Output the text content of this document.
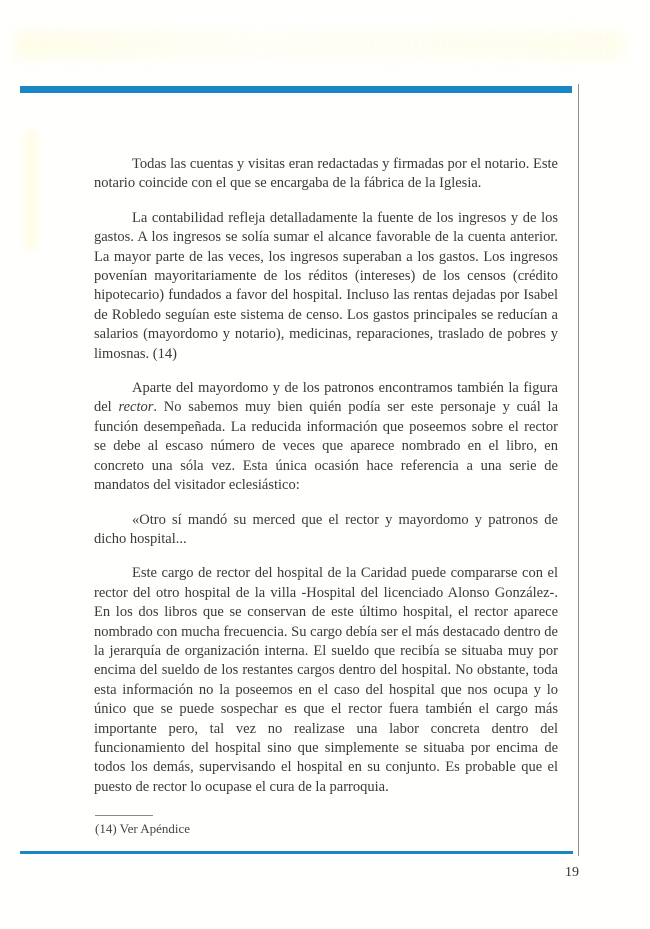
Todas las cuentas y visitas eran redactadas y firmadas por el notario. Este notario coincide con el que se encargaba de la fábrica de la Iglesia.

La contabilidad refleja detalladamente la fuente de los ingresos y de los gastos. A los ingresos se solía sumar el alcance favorable de la cuenta anterior. La mayor parte de las veces, los ingresos superaban a los gastos. Los ingresos povenían mayoritariamente de los réditos (intereses) de los censos (crédito hipotecario) fundados a favor del hospital. Incluso las rentas dejadas por Isabel de Robledo seguían este sistema de censo. Los gastos principales se reducían a salarios (mayordomo y notario), medicinas, reparaciones, traslado de pobres y limosnas. (14)

Aparte del mayordomo y de los patronos encontramos también la figura del rector. No sabemos muy bien quién podía ser este personaje y cuál la función desempeñada. La reducida información que poseemos sobre el rector se debe al escaso número de veces que aparece nombrado en el libro, en concreto una sóla vez. Esta única ocasión hace referencia a una serie de mandatos del visitador eclesiástico:

«Otro sí mandó su merced que el rector y mayordomo y patronos de dicho hospital...

Este cargo de rector del hospital de la Caridad puede compararse con el rector del otro hospital de la villa -Hospital del licenciado Alonso González-. En los dos libros que se conservan de este último hospital, el rector aparece nombrado con mucha frecuencia. Su cargo debía ser el más destacado dentro de la jerarquía de organización interna. El sueldo que recibía se situaba muy por encima del sueldo de los restantes cargos dentro del hospital. No obstante, toda esta información no la poseemos en el caso del hospital que nos ocupa y lo único que se puede sospechar es que el rector fuera también el cargo más importante pero, tal vez no realizase una labor concreta dentro del funcionamiento del hospital sino que simplemente se situaba por encima de todos los demás, supervisando el hospital en su conjunto. Es probable que el puesto de rector lo ocupase el cura de la parroquia.

(14) Ver Apéndice
19
